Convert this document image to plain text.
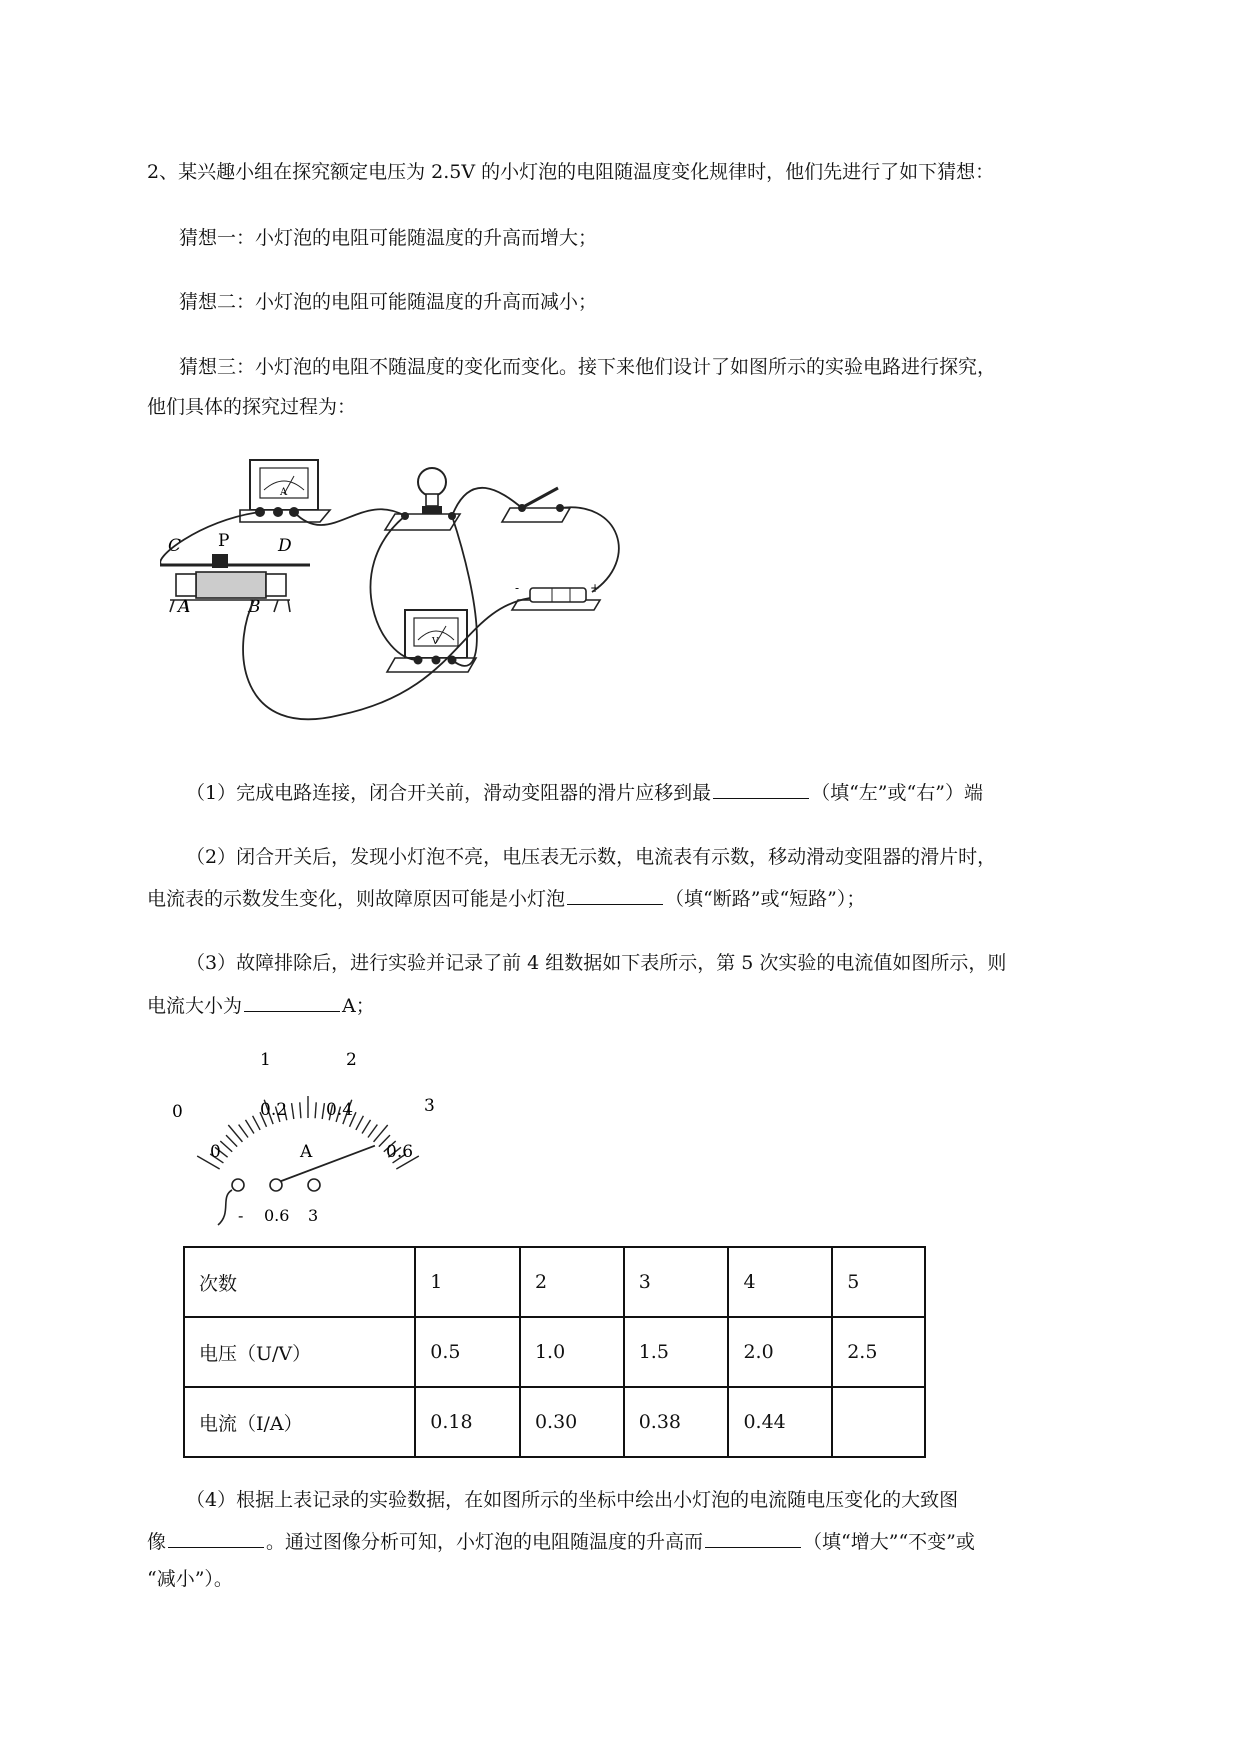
2、某兴趣小组在探究额定电压为 2.5V 的小灯泡的电阻随温度变化规律时，他们先进行了如下猜想：
猜想一：小灯泡的电阻可能随温度的升高而增大；
猜想二：小灯泡的电阻可能随温度的升高而减小；
猜想三：小灯泡的电阻不随温度的变化而变化。接下来他们设计了如图所示的实验电路进行探究，
他们具体的探究过程为：
A
-	+
V
C P	D
A	B
（1）完成电路连接，闭合开关前，滑动变阻器的滑片应移到最	（填“左”或“右”）端
（2）闭合开关后，发现小灯泡不亮，电压表无示数，电流表有示数，移动滑动变阻器的滑片时，
电流表的示数发生变化，则故障原因可能是小灯泡	（填“断路”或“短路”）；
（3）故障排除后，进行实验并记录了前 4 组数据如下表所示，第 5 次实验的电流值如图所示，则
电流大小为	A；
0
1	2
3
0
0.2 0.4
0.6
A
- 0.6 3
次数	1	2	3	4	5
电压（U/V）	0.5	1.0	1.5	2.0	2.5
电流（I/A）	0.18	0.30	0.38	0.44	
（4）根据上表记录的实验数据，在如图所示的坐标中绘出小灯泡的电流随电压变化的大致图
像	。通过图像分析可知，小灯泡的电阻随温度的升高而	（填“增大”“不变”或
“减小”）。
